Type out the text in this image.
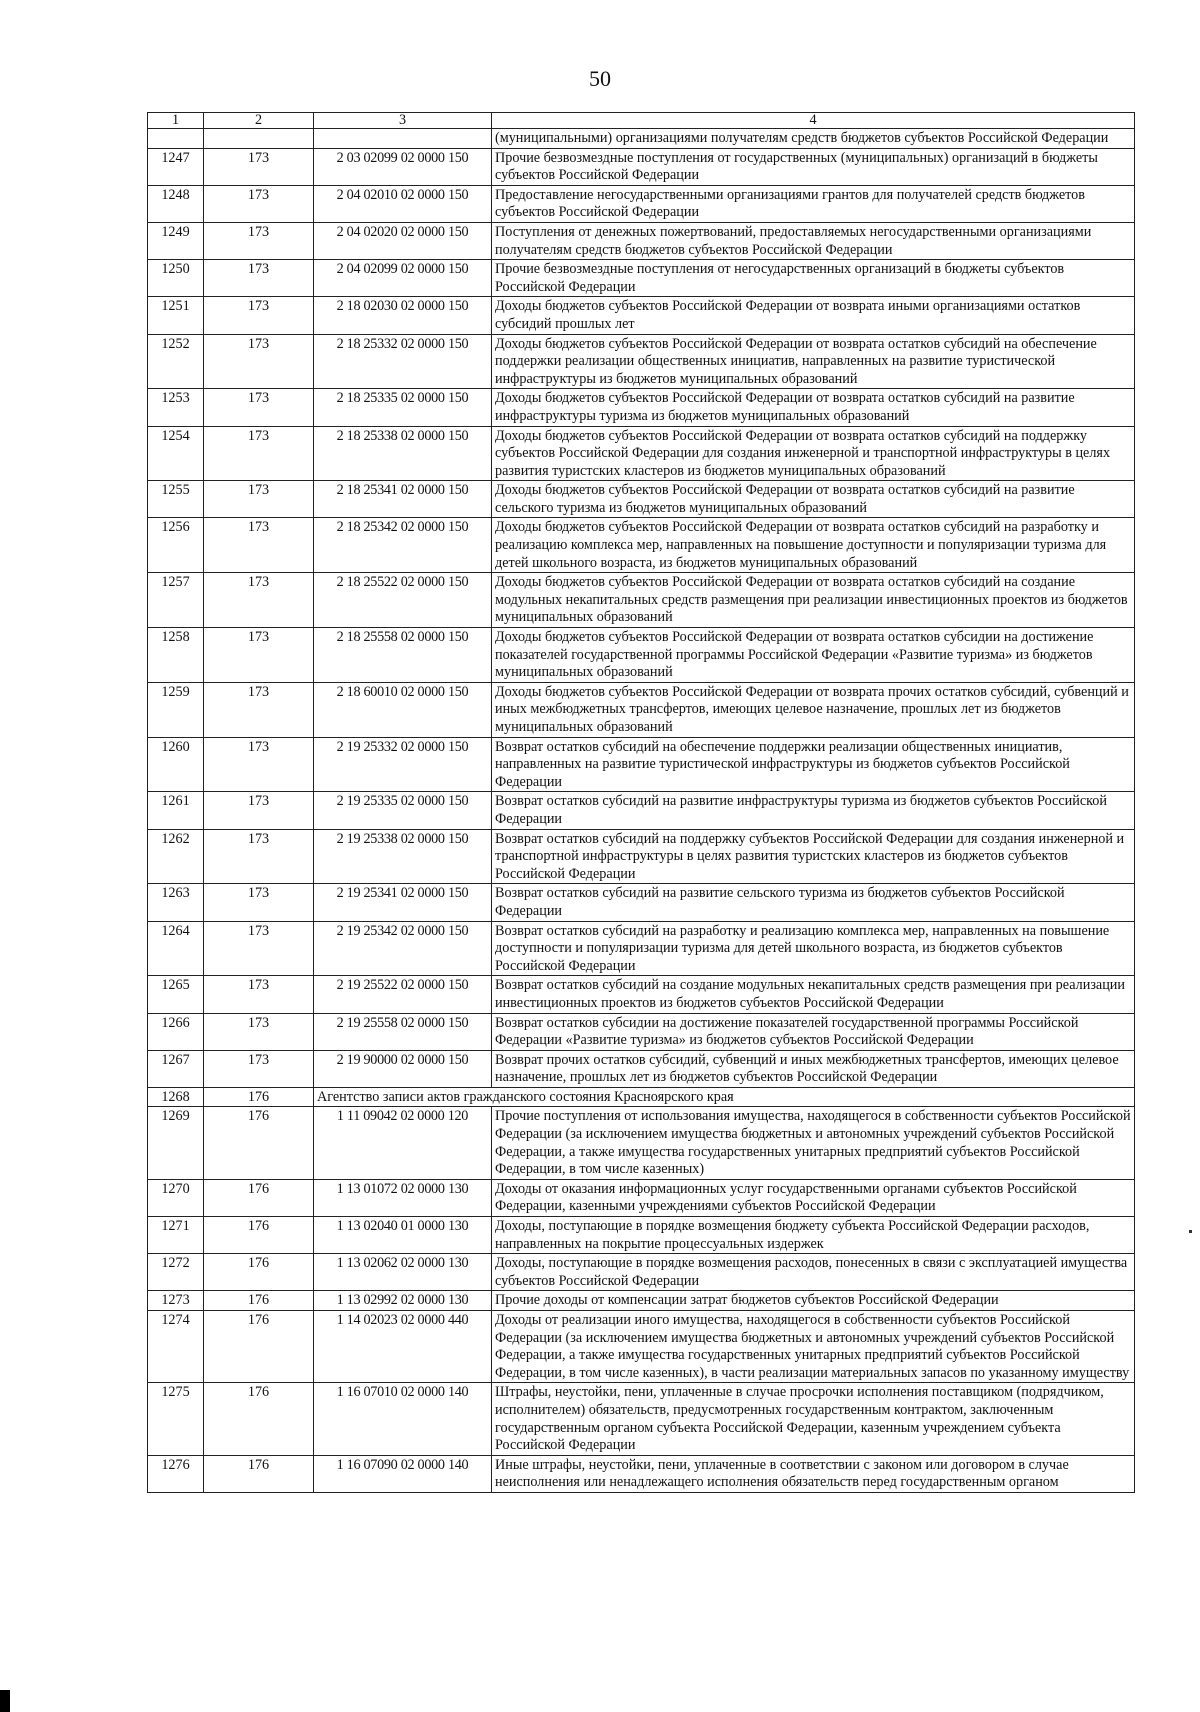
50
1	2	3	4
			(муниципальными) организациями получателям средств бюджетов субъектов Российской Федерации
1247	173	2 03 02099 02 0000 150	Прочие безвозмездные поступления от государственных (муниципальных) организаций в бюджеты субъектов Российской Федерации
1248	173	2 04 02010 02 0000 150	Предоставление негосударственными организациями грантов для получателей средств бюджетов субъектов Российской Федерации
1249	173	2 04 02020 02 0000 150	Поступления от денежных пожертвований, предоставляемых негосударственными организациями получателям средств бюджетов субъектов Российской Федерации
1250	173	2 04 02099 02 0000 150	Прочие безвозмездные поступления от негосударственных организаций в бюджеты субъектов Российской Федерации
1251	173	2 18 02030 02 0000 150	Доходы бюджетов субъектов Российской Федерации от возврата иными организациями остатков субсидий прошлых лет
1252	173	2 18 25332 02 0000 150	Доходы бюджетов субъектов Российской Федерации от возврата остатков субсидий на обеспечение поддержки реализации общественных инициатив, направленных на развитие туристической инфраструктуры из бюджетов муниципальных образований
1253	173	2 18 25335 02 0000 150	Доходы бюджетов субъектов Российской Федерации от возврата остатков субсидий на развитие инфраструктуры туризма из бюджетов муниципальных образований
1254	173	2 18 25338 02 0000 150	Доходы бюджетов субъектов Российской Федерации от возврата остатков субсидий на поддержку субъектов Российской Федерации для создания инженерной и транспортной инфраструктуры в целях развития туристских кластеров из бюджетов муниципальных образований
1255	173	2 18 25341 02 0000 150	Доходы бюджетов субъектов Российской Федерации от возврата остатков субсидий на развитие сельского туризма из бюджетов муниципальных образований
1256	173	2 18 25342 02 0000 150	Доходы бюджетов субъектов Российской Федерации от возврата остатков субсидий на разработку и реализацию комплекса мер, направленных на повышение доступности и популяризации туризма для детей школьного возраста, из бюджетов муниципальных образований
1257	173	2 18 25522 02 0000 150	Доходы бюджетов субъектов Российской Федерации от возврата остатков субсидий на создание модульных некапитальных средств размещения при реализации инвестиционных проектов из бюджетов муниципальных образований
1258	173	2 18 25558 02 0000 150	Доходы бюджетов субъектов Российской Федерации от возврата остатков субсидии на достижение показателей государственной программы Российской Федерации «Развитие туризма» из бюджетов муниципальных образований
1259	173	2 18 60010 02 0000 150	Доходы бюджетов субъектов Российской Федерации от возврата прочих остатков субсидий, субвенций и иных межбюджетных трансфертов, имеющих целевое назначение, прошлых лет из бюджетов муниципальных образований
1260	173	2 19 25332 02 0000 150	Возврат остатков субсидий на обеспечение поддержки реализации общественных инициатив, направленных на развитие туристической инфраструктуры из бюджетов субъектов Российской Федерации
1261	173	2 19 25335 02 0000 150	Возврат остатков субсидий на развитие инфраструктуры туризма из бюджетов субъектов Российской Федерации
1262	173	2 19 25338 02 0000 150	Возврат остатков субсидий на поддержку субъектов Российской Федерации для создания инженерной и транспортной инфраструктуры в целях развития туристских кластеров из бюджетов субъектов Российской Федерации
1263	173	2 19 25341 02 0000 150	Возврат остатков субсидий на развитие сельского туризма из бюджетов субъектов Российской Федерации
1264	173	2 19 25342 02 0000 150	Возврат остатков субсидий на разработку и реализацию комплекса мер, направленных на повышение доступности и популяризации туризма для детей школьного возраста, из бюджетов субъектов Российской Федерации
1265	173	2 19 25522 02 0000 150	Возврат остатков субсидий на создание модульных некапитальных средств размещения при реализации инвестиционных проектов из бюджетов субъектов Российской Федерации
1266	173	2 19 25558 02 0000 150	Возврат остатков субсидии на достижение показателей государственной программы Российской Федерации «Развитие туризма» из бюджетов субъектов Российской Федерации
1267	173	2 19 90000 02 0000 150	Возврат прочих остатков субсидий, субвенций и иных межбюджетных трансфертов, имеющих целевое назначение, прошлых лет из бюджетов субъектов Российской Федерации
1268	176	Агентство записи актов гражданского состояния Красноярского края	
1269	176	1 11 09042 02 0000 120	Прочие поступления от использования имущества, находящегося в собственности субъектов Российской Федерации (за исключением имущества бюджетных и автономных учреждений субъектов Российской Федерации, а также имущества государственных унитарных предприятий субъектов Российской Федерации, в том числе казенных)
1270	176	1 13 01072 02 0000 130	Доходы от оказания информационных услуг государственными органами субъектов Российской Федерации, казенными учреждениями субъектов Российской Федерации
1271	176	1 13 02040 01 0000 130	Доходы, поступающие в порядке возмещения бюджету субъекта Российской Федерации расходов, направленных на покрытие процессуальных издержек
1272	176	1 13 02062 02 0000 130	Доходы, поступающие в порядке возмещения расходов, понесенных в связи с эксплуатацией имущества субъектов Российской Федерации
1273	176	1 13 02992 02 0000 130	Прочие доходы от компенсации затрат бюджетов субъектов Российской Федерации
1274	176	1 14 02023 02 0000 440	Доходы от реализации иного имущества, находящегося в собственности субъектов Российской Федерации (за исключением имущества бюджетных и автономных учреждений субъектов Российской Федерации, а также имущества государственных унитарных предприятий субъектов Российской Федерации, в том числе казенных), в части реализации материальных запасов по указанному имуществу
1275	176	1 16 07010 02 0000 140	Штрафы, неустойки, пени, уплаченные в случае просрочки исполнения поставщиком (подрядчиком, исполнителем) обязательств, предусмотренных государственным контрактом, заключенным государственным органом субъекта Российской Федерации, казенным учреждением субъекта Российской Федерации
1276	176	1 16 07090 02 0000 140	Иные штрафы, неустойки, пени, уплаченные в соответствии с законом или договором в случае неисполнения или ненадлежащего исполнения обязательств перед государственным органом
